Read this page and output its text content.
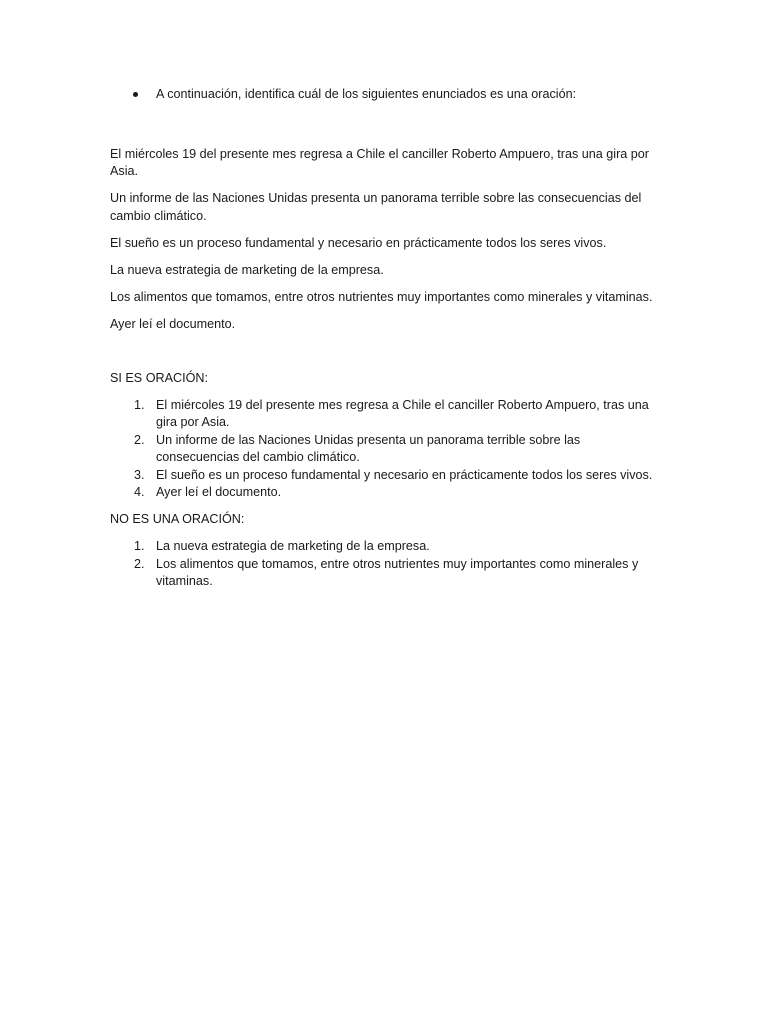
A continuación, identifica cuál de los siguientes enunciados es una oración:

El miércoles 19 del presente mes regresa a Chile el canciller Roberto Ampuero, tras una gira por Asia.

Un informe de las Naciones Unidas presenta un panorama terrible sobre las consecuencias del cambio climático.

El sueño es un proceso fundamental y necesario en prácticamente todos los seres vivos.

La nueva estrategia de marketing de la empresa.

Los alimentos que tomamos, entre otros nutrientes muy importantes como minerales y vitaminas.

Ayer leí el documento.

SI ES ORACIÓN:

1. El miércoles 19 del presente mes regresa a Chile el canciller Roberto Ampuero, tras una gira por Asia.
2. Un informe de las Naciones Unidas presenta un panorama terrible sobre las consecuencias del cambio climático.
3. El sueño es un proceso fundamental y necesario en prácticamente todos los seres vivos.
4. Ayer leí el documento.

NO ES UNA ORACIÓN:

1. La nueva estrategia de marketing de la empresa.
2. Los alimentos que tomamos, entre otros nutrientes muy importantes como minerales y vitaminas.
